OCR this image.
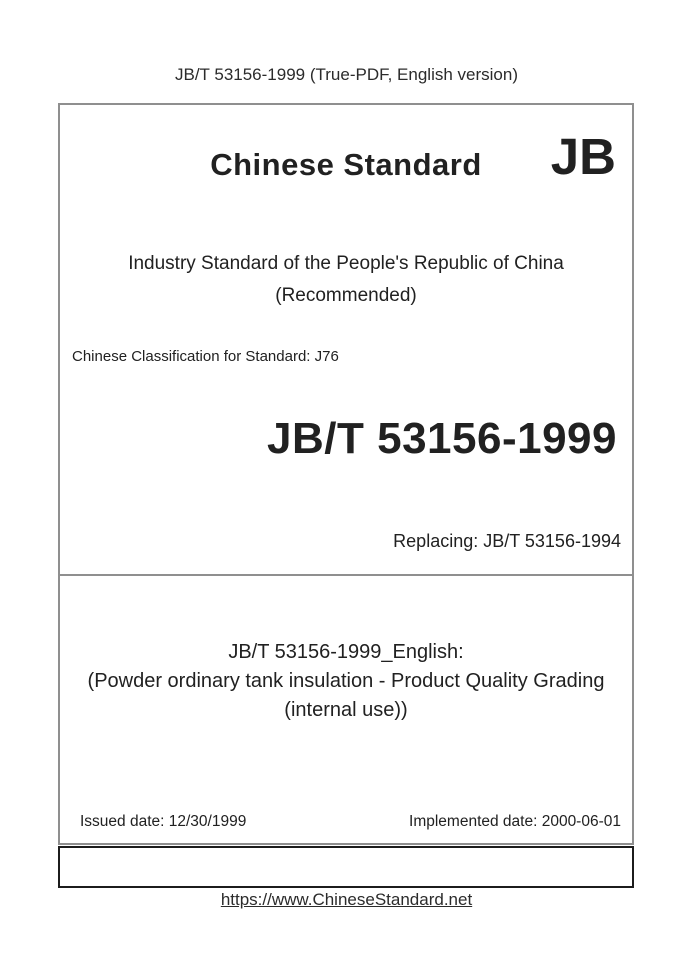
JB/T 53156-1999 (True-PDF, English version)
Chinese Standard	JB
Industry Standard of the People's Republic of China
(Recommended)
Chinese Classification for Standard: J76
JB/T 53156-1999
Replacing: JB/T 53156-1994
JB/T 53156-1999_English:
(Powder ordinary tank insulation - Product Quality Grading
(internal use))
Issued date: 12/30/1999	Implemented date: 2000-06-01
https://www.ChineseStandard.net
